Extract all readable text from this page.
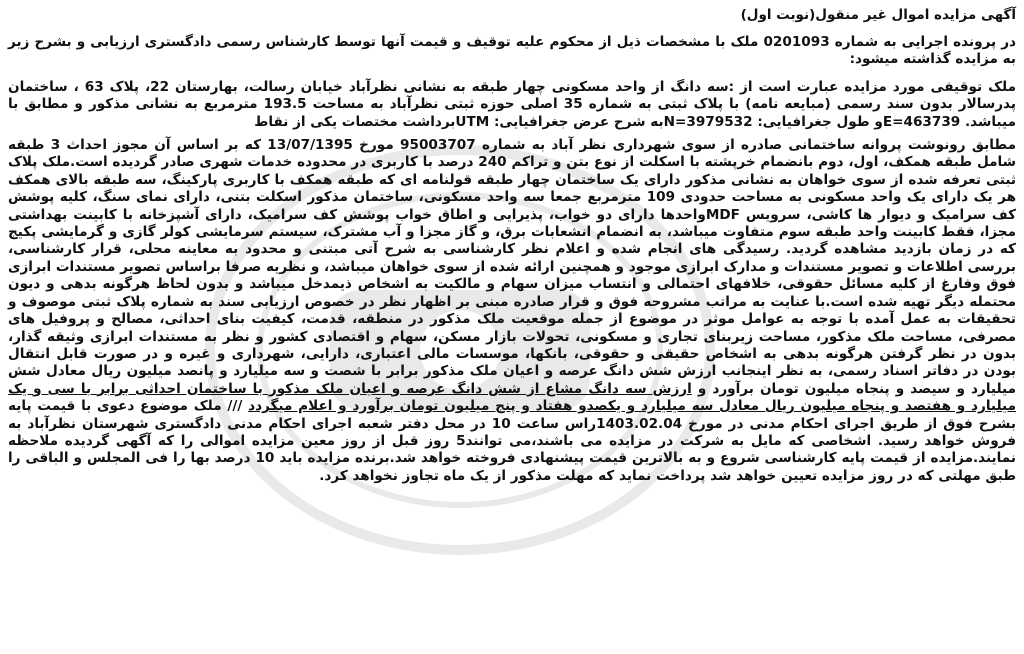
آگهی مزایده اموال غیر منقول(نوبت اول)

در پرونده اجرایی به شماره 0201093 ملک با مشخصات ذیل از محکوم علیه توقیف و قیمت آنها توسط کارشناس رسمی دادگستری ارزیابی و بشرح زیر به مزایده گذاشته میشود:

ملک توقیفی مورد مزایده عبارت است از :سه دانگ از واحد مسکونی چهار طبقه به نشانی نظرآباد خیابان رسالت، بهارستان 22، پلاک 63 ، ساختمان پدرسالار بدون سند رسمی (مبایعه نامه) با پلاک ثبتی به شماره 35 اصلی حوزه ثبتی نظرآباد به مساحت 193.5 مترمربع به نشانی مذکور و مطابق با میباشد. E=463739و طول جغرافیایی: N=3979532به شرح عرض جغرافیایی: UTMبرداشت مختصات یکی از نقاط

مطابق رونوشت پروانه ساختمانی صادره از سوی شهرداری نظر آباد به شماره 95003707 مورخ 13/07/1395 که بر اساس آن مجوز احداث 3 طبقه شامل طبقه همکف، اول، دوم بانضمام خرپشته با اسکلت از نوع بتن و تراکم 240 درصد با کاربری در محدوده خدمات شهری صادر گردیده است.ملک پلاک ثبتی تعرفه شده از سوی خواهان به نشانی مذکور دارای یک ساختمان چهار طبقه قولنامه ای که طبقه همکف با کاربری پارکینگ، سه طبقه بالای همکف هر یک دارای یک واحد مسکونی به مساحت حدودی 109 مترمربع جمعا سه واحد مسکونی، ساختمان مذکور اسکلت بتنی، دارای نمای سنگ، کلیه پوشش کف سرامیک و دیوار ها کاشی، سرویس MDFواحدها دارای دو خواب، پذیرایی و اطاق خواب پوشش کف سرامیک، دارای آشپزخانه با کابینت بهداشتی مجزا، فقط کابینت واحد طبقه سوم متفاوت میباشد، به انضمام انشعابات برق، و گاز مجزا و آب مشترک، سیستم سرمایشی کولر گازی و گرمایشی پکیج که در زمان بازدید مشاهده گردید. رسیدگی های انجام شده و اعلام نظر کارشناسی به شرح آتی مبتنی و محدود به معاینه محلی، قرار کارشناسی، بررسی اطلاعات و تصویر مستندات و مدارک ابرازی موجود و همچنین ارائه شده از سوی خواهان میباشد، و نظریه صرفا براساس تصویر مستندات ابرازی فوق وفارغ از کلیه مسائل حقوقی، خلافهای احتمالی و انتساب میزان سهام و مالکیت به اشخاص ذیمدخل میباشد و بدون لحاظ هرگونه بدهی و دیون محتمله دیگر تهیه شده است.با عنایت به مراتب مشروحه فوق و قرار صادره مبنی بر اظهار نظر در خصوص ارزیابی سند به شماره پلاک ثبتی موصوف و تحقیقات به عمل آمده با توجه به عوامل موثر در موضوع از جمله موقعیت ملک مذکور در منطقه، قدمت، کیفیت بنای احداثی، مصالح و پروفیل های مصرفی، مساحت ملک مذکور، مساحت زیربنای تجاری و مسکونی، تحولات بازار مسکن، سهام و اقتصادی کشور و نظر به مستندات ابرازی وثیقه گذار، بدون در نظر گرفتن هرگونه بدهی به اشخاص حقیقی و حقوقی، بانکها، موسسات مالی اعتباری، دارایی، شهرداری و غیره و در صورت قابل انتقال بودن در دفاتر اسناد رسمی، به نظر اینجانب ارزش شش دانگ عرصه و اعیان ملک مذکور برابر با شصت و سه میلیارد و پانصد میلیون ریال معادل شش میلیارد و سیصد و پنجاه میلیون تومان برآورد و ارزش سه دانگ مشاع از شش دانگ عرصه و اعیان ملک مذکور با ساختمان احداثی برابر با سی و یک میلیارد و هفتصد و پنجاه میلیون ریال معادل سه میلیارد و یکصدو هفتاد و پنج میلیون تومان برآورد و اعلام میگردد /// ملک موضوع دعوی با قیمت پایه بشرح فوق از طریق اجرای احکام مدنی در مورخ 1403.02.04راس ساعت 10 در محل دفتر شعبه اجرای احکام مدنی دادگستری شهرستان نظرآباد به فروش خواهد رسید. اشخاصی که مایل به شرکت در مزایده می باشند،می توانند5 روز قبل از روز معین مزایده اموالی را که آگهی گردیده ملاحظه نمایند.مزایده از قیمت پایه کارشناسی شروع و به بالاترین قیمت پیشنهادی فروخته خواهد شد.برنده مزایده باید 10 درصد بها را فی المجلس و الباقی را طبق مهلتی که در روز مزایده تعیین خواهد شد پرداخت نماید که مهلت مذکور از یک ماه تجاوز نخواهد کرد.
